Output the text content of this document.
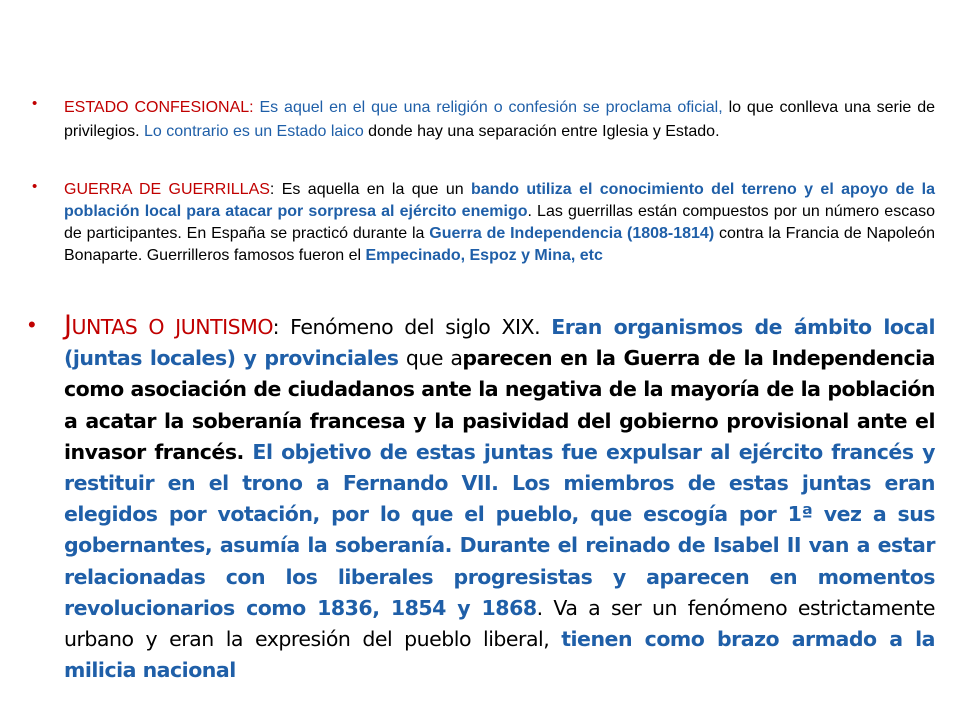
• ESTADO CONFESIONAL: Es aquel en el que una religión o confesión se proclama oficial, lo que conlleva una serie de privilegios. Lo contrario es un Estado laico donde hay una separación entre Iglesia y Estado.
• GUERRA DE GUERRILLAS: Es aquella en la que un bando utiliza el conocimiento del terreno y el apoyo de la población local para atacar por sorpresa al ejército enemigo. Las guerrillas están compuestos por un número escaso de participantes. En España se practicó durante la Guerra de Independencia (1808-1814) contra la Francia de Napoleón Bonaparte. Guerrilleros famosos fueron el Empecinado, Espoz y Mina, etc
• JUNTAS O JUNTISMO: Fenómeno del siglo XIX. Eran organismos de ámbito local (juntas locales) y provinciales que aparecen en la Guerra de la Independencia como asociación de ciudadanos ante la negativa de la mayoría de la población a acatar la soberanía francesa y la pasividad del gobierno provisional ante el invasor francés. El objetivo de estas juntas fue expulsar al ejército francés y restituir en el trono a Fernando VII. Los miembros de estas juntas eran elegidos por votación, por lo que el pueblo, que escogía por 1ª vez a sus gobernantes, asumía la soberanía. Durante el reinado de Isabel II van a estar relacionadas con los liberales progresistas y aparecen en momentos revolucionarios como 1836, 1854 y 1868. Va a ser un fenómeno estrictamente urbano y eran la expresión del pueblo liberal, tienen como brazo armado a la milicia nacional
